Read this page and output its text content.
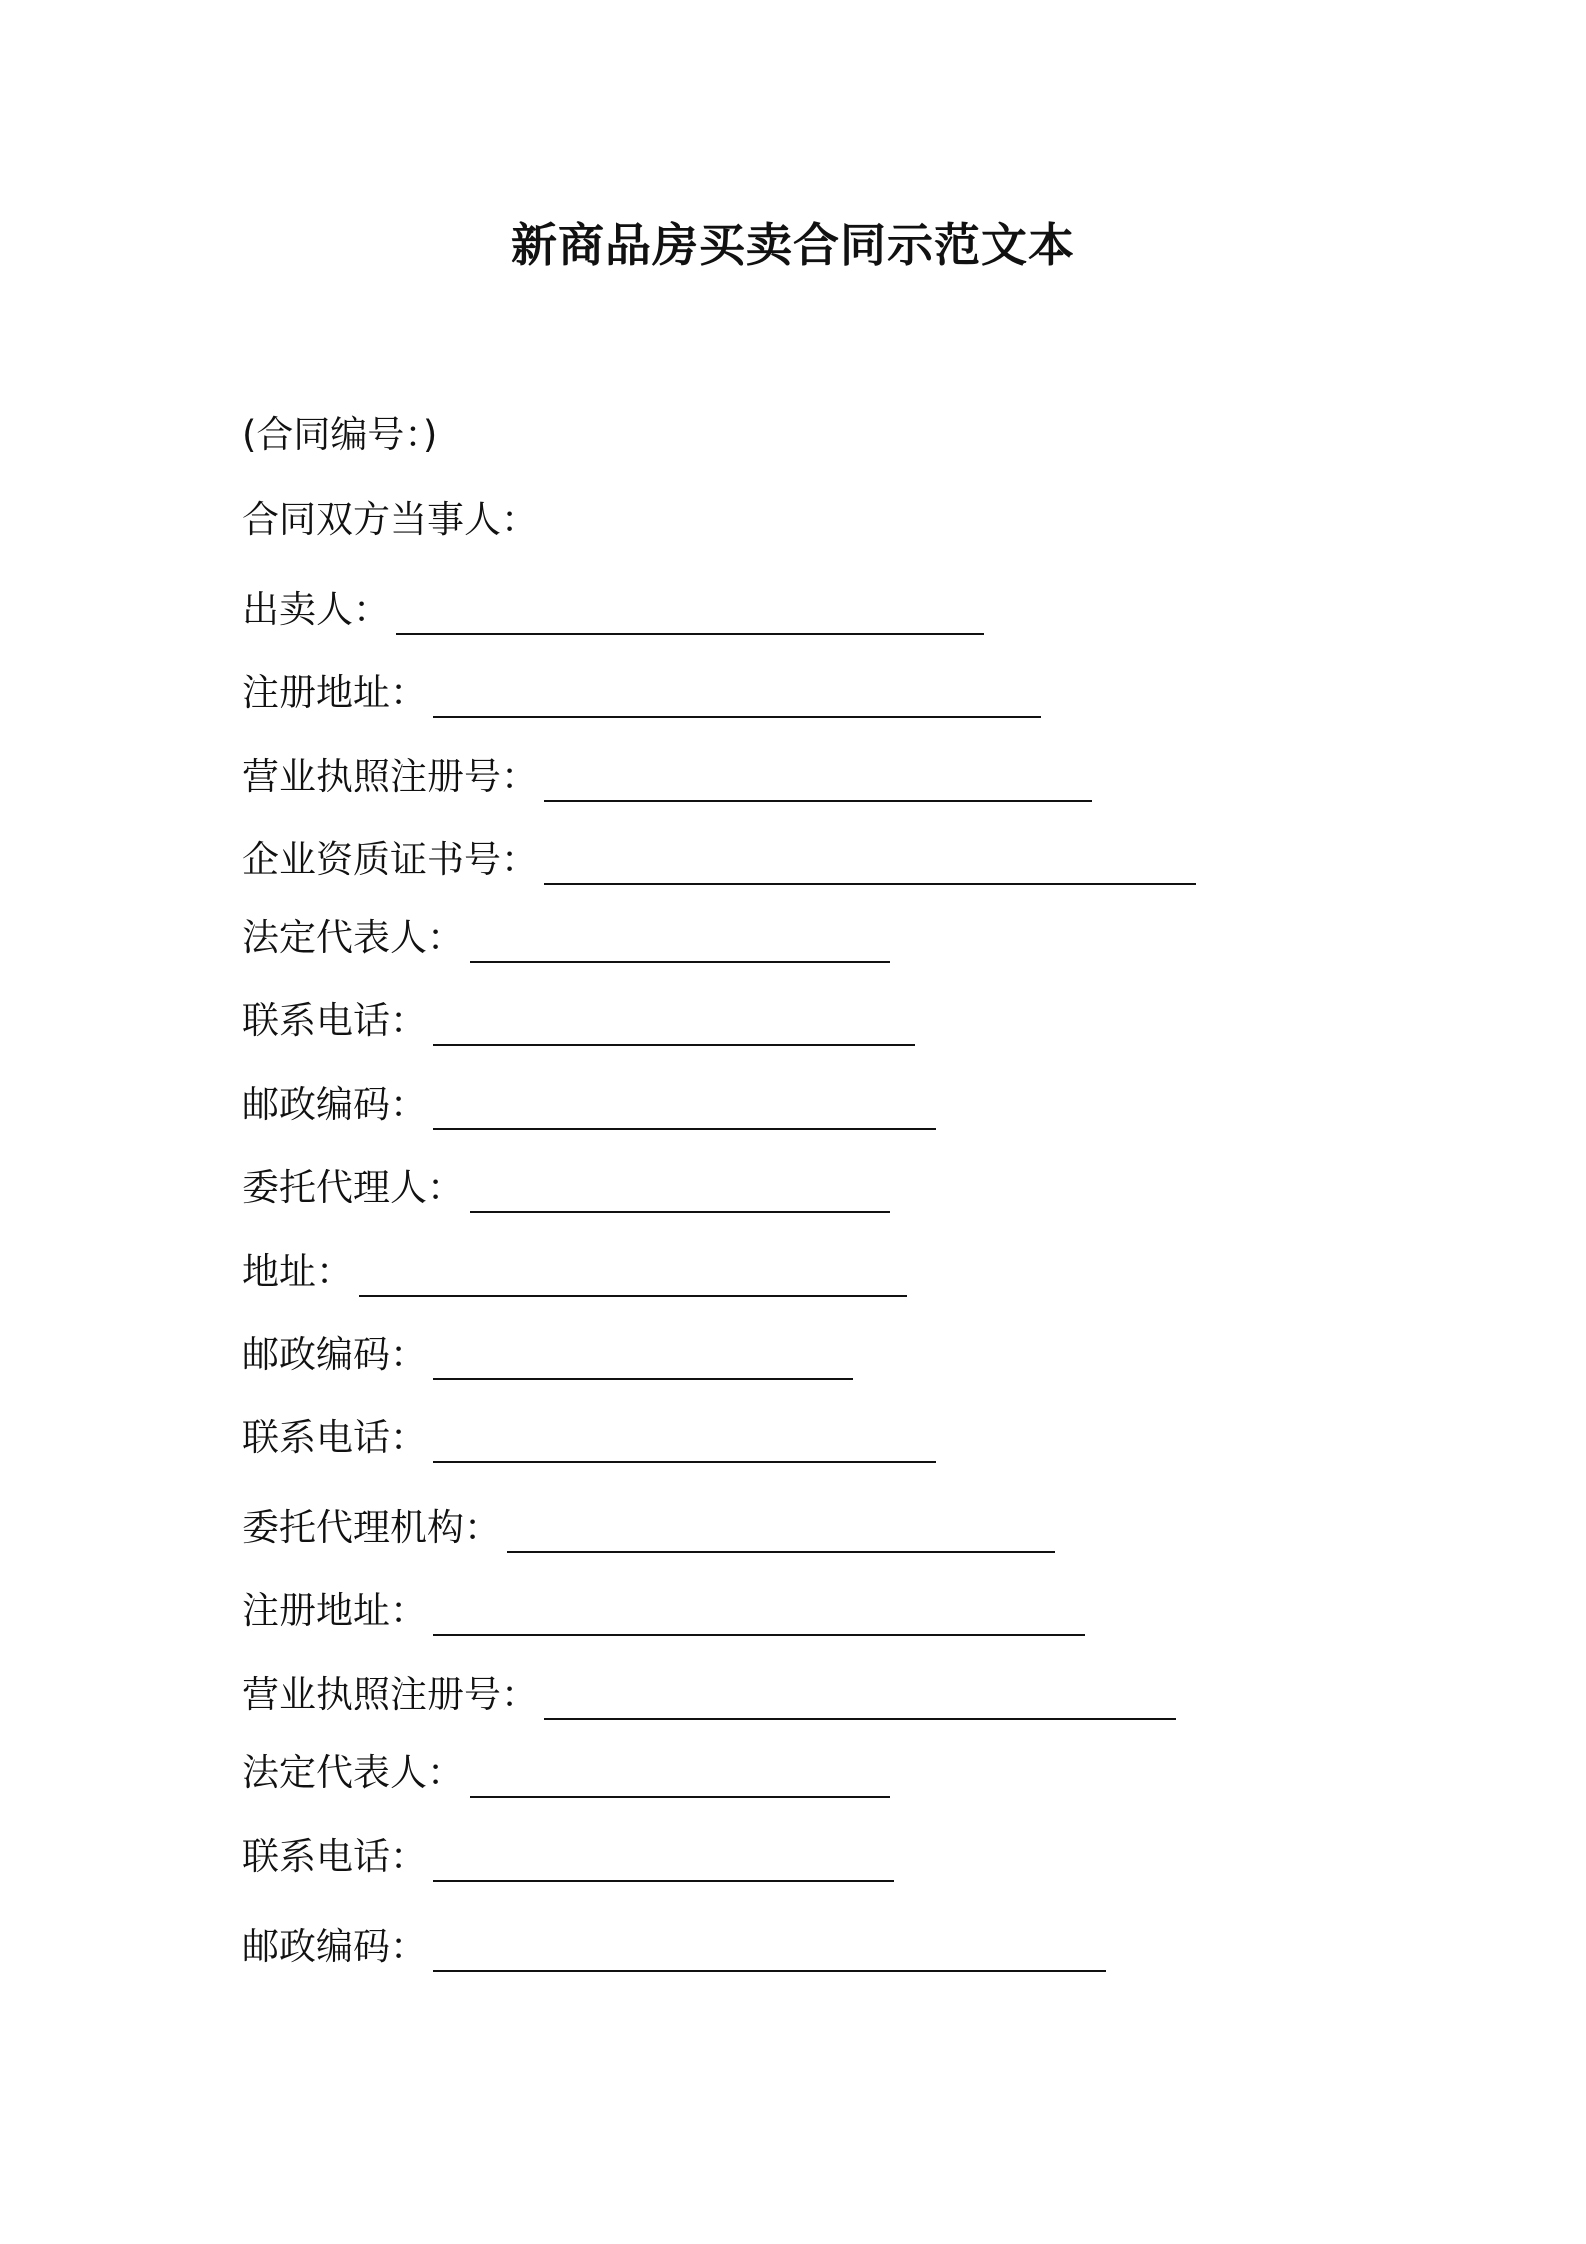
新商品房买卖合同示范文本
(合同编号：)
合同双方当事人：
出卖人：
注册地址：
营业执照注册号：
企业资质证书号：
法定代表人：
联系电话：
邮政编码：
委托代理人：
地址：
邮政编码：
联系电话：
委托代理机构：
注册地址：
营业执照注册号：
法定代表人：
联系电话：
邮政编码：
